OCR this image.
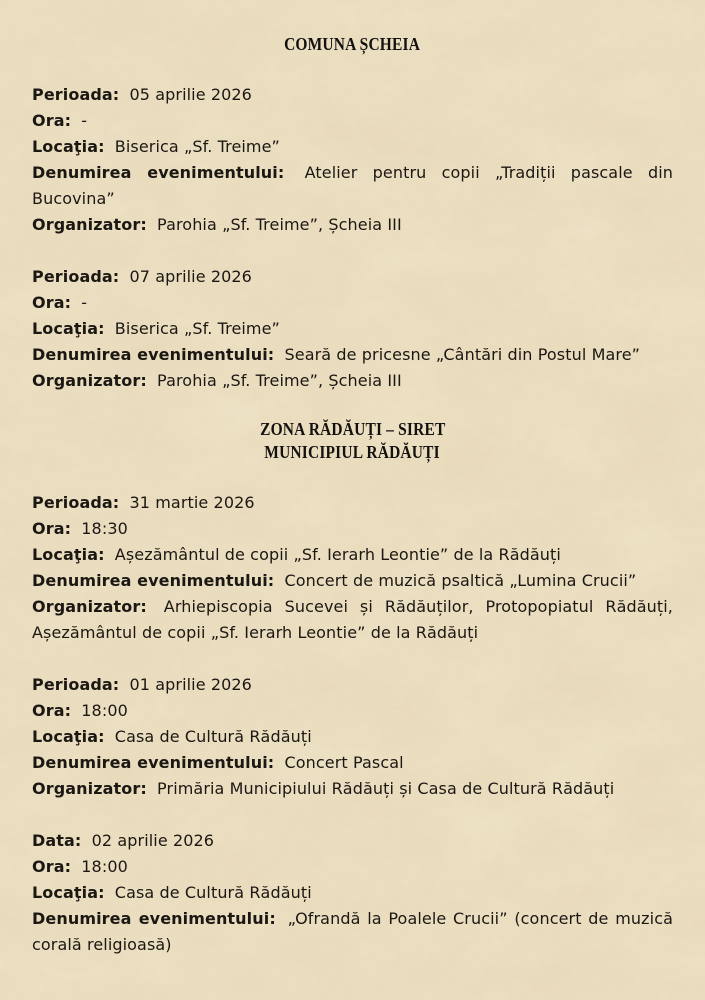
COMUNA ȘCHEIA

Perioada: 05 aprilie 2026

Ora: -

Locaţia: Biserica „Sf. Treime”

Denumirea evenimentului: Atelier pentru copii „Tradiții pascale din Bucovina”

Organizator: Parohia „Sf. Treime”, Șcheia III

Perioada: 07 aprilie 2026

Ora: -

Locaţia: Biserica „Sf. Treime”

Denumirea evenimentului: Seară de pricesne „Cântări din Postul Mare”

Organizator: Parohia „Sf. Treime”, Șcheia III

ZONA RĂDĂUȚI – SIRET
MUNICIPIUL RĂDĂUȚI

Perioada: 31 martie 2026

Ora: 18:30

Locaţia: Așezământul de copii „Sf. Ierarh Leontie” de la Rădăuți

Denumirea evenimentului: Concert de muzică psaltică „Lumina Crucii”

Organizator: Arhiepiscopia Sucevei și Rădăuților, Protopopiatul Rădăuți, Așezământul de copii „Sf. Ierarh Leontie” de la Rădăuți

Perioada: 01 aprilie 2026

Ora: 18:00

Locaţia: Casa de Cultură Rădăuți

Denumirea evenimentului: Concert Pascal

Organizator: Primăria Municipiului Rădăuți și Casa de Cultură Rădăuți

Data: 02 aprilie 2026

Ora: 18:00

Locaţia: Casa de Cultură Rădăuți

Denumirea evenimentului: „Ofrandă la Poalele Crucii” (concert de muzică corală religioasă)
